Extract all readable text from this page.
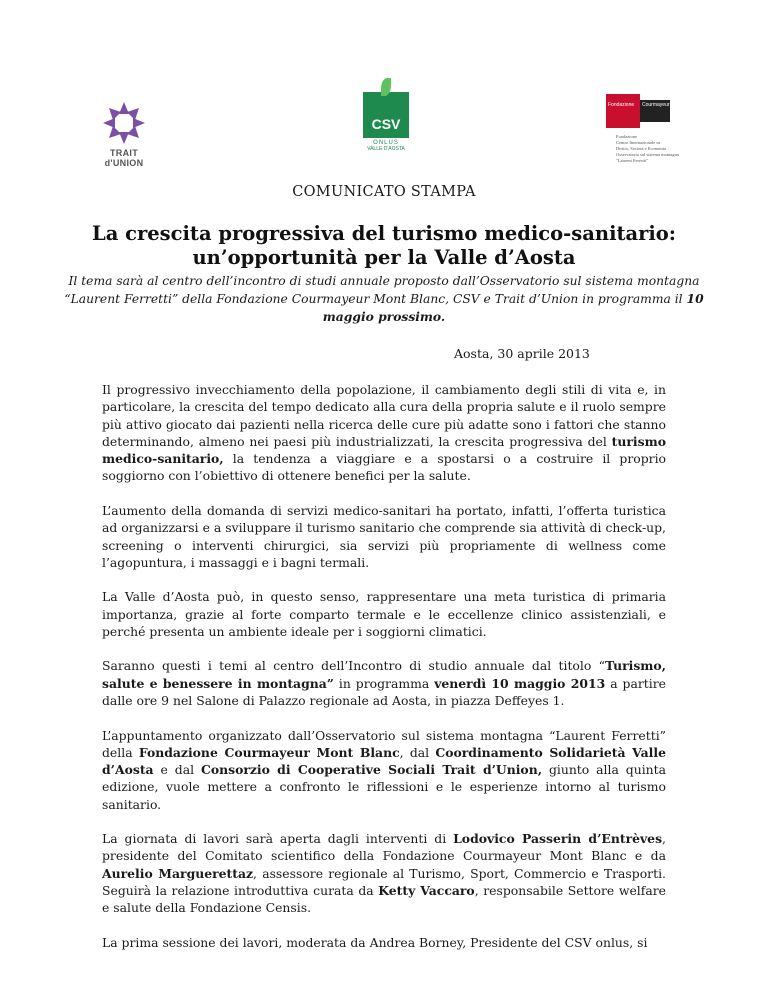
TRAIT d'UNION
CSV
ONLUS
VALLE D'AOSTA
Fondazione	Courmayeur
Fondazione
Centro Internazionale su
Diritto, Società e Economia
Osservatorio sul sistema montagna
"Laurent Ferretti"
COMUNICATO STAMPA
La crescita progressiva del turismo medico-sanitario:
un’opportunità per la Valle d’Aosta
Il tema sarà al centro dell’incontro di studi annuale proposto dall’Osservatorio sul sistema montagna “Laurent Ferretti” della Fondazione Courmayeur Mont Blanc, CSV e Trait d’Union in programma il 10 maggio prossimo.
Aosta, 30 aprile 2013

Il progressivo invecchiamento della popolazione, il cambiamento degli stili di vita e, in particolare, la crescita del tempo dedicato alla cura della propria salute e il ruolo sempre più attivo giocato dai pazienti nella ricerca delle cure più adatte sono i fattori che stanno determinando, almeno nei paesi più industrializzati, la crescita progressiva del turismo medico-sanitario, la tendenza a viaggiare e a spostarsi o a costruire il proprio soggiorno con l’obiettivo di ottenere benefici per la salute.

L’aumento della domanda di servizi medico-sanitari ha portato, infatti, l’offerta turistica ad organizzarsi e a sviluppare il turismo sanitario che comprende sia attività di check-up, screening o interventi chirurgici, sia servizi più propriamente di wellness come l’agopuntura, i massaggi e i bagni termali.

La Valle d’Aosta può, in questo senso, rappresentare una meta turistica di primaria importanza, grazie al forte comparto termale e le eccellenze clinico assistenziali, e perché presenta un ambiente ideale per i soggiorni climatici.

Saranno questi i temi al centro dell’Incontro di studio annuale dal titolo “Turismo, salute e benessere in montagna” in programma venerdì 10 maggio 2013 a partire dalle ore 9 nel Salone di Palazzo regionale ad Aosta, in piazza Deffeyes 1.

L’appuntamento organizzato dall’Osservatorio sul sistema montagna “Laurent Ferretti” della Fondazione Courmayeur Mont Blanc, dal Coordinamento Solidarietà Valle d’Aosta e dal Consorzio di Cooperative Sociali Trait d’Union, giunto alla quinta edizione, vuole mettere a confronto le riflessioni e le esperienze intorno al turismo sanitario.

La giornata di lavori sarà aperta dagli interventi di Lodovico Passerin d’Entrèves, presidente del Comitato scientifico della Fondazione Courmayeur Mont Blanc e da Aurelio Marguerettaz, assessore regionale al Turismo, Sport, Commercio e Trasporti. Seguirà la relazione introduttiva curata da Ketty Vaccaro, responsabile Settore welfare e salute della Fondazione Censis.

La prima sessione dei lavori, moderata da Andrea Borney, Presidente del CSV onlus, si
